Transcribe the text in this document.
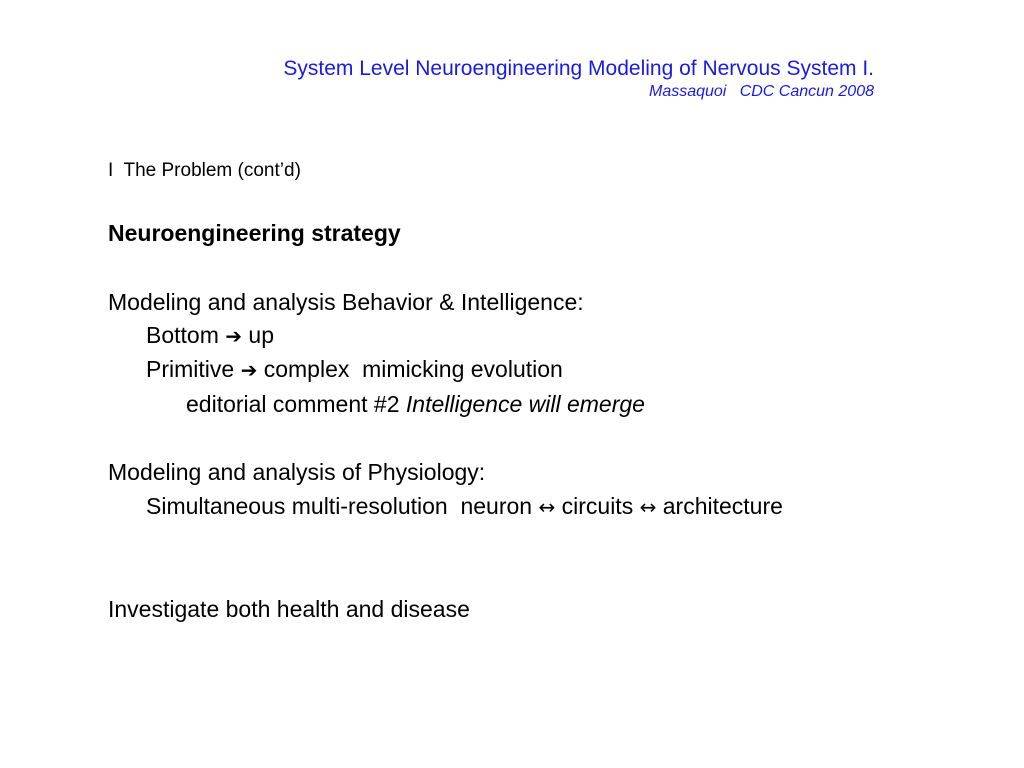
System Level Neuroengineering Modeling of Nervous System I.
Massaquoi   CDC Cancun 2008
I  The Problem (cont’d)
Neuroengineering strategy
Modeling and analysis Behavior & Intelligence:
Bottom ➔ up
Primitive ➔ complex  mimicking evolution
editorial comment #2 Intelligence will emerge
Modeling and analysis of Physiology:
Simultaneous multi-resolution  neuron ↔ circuits ↔ architecture
Investigate both health and disease
